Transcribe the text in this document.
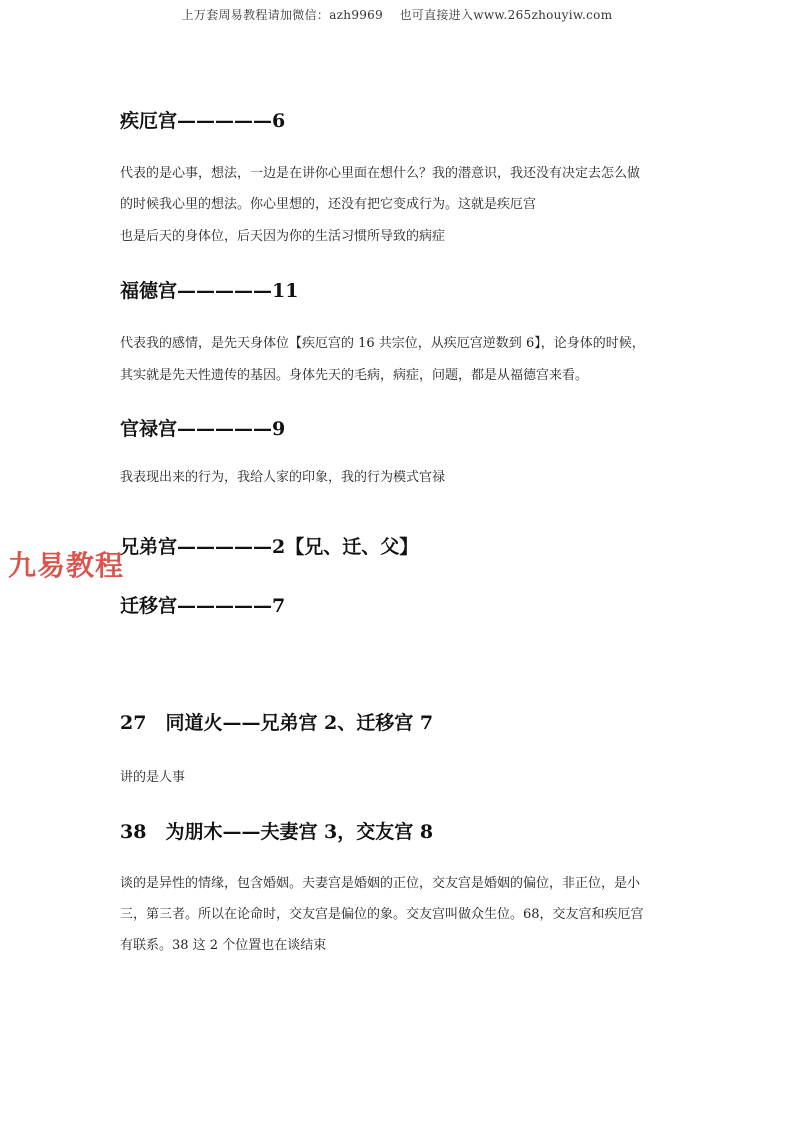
上万套周易教程请加微信：azh9969　 也可直接进入www.265zhouyiw.com
疾厄宫—————6
代表的是心事，想法，一边是在讲你心里面在想什么？我的潜意识，我还没有决定去怎么做
的时候我心里的想法。你心里想的，还没有把它变成行为。这就是疾厄宫
也是后天的身体位，后天因为你的生活习惯所导致的病症
福德宫—————11
代表我的感情，是先天身体位【疾厄宫的 16 共宗位，从疾厄宫逆数到 6】，论身体的时候，
其实就是先天性遗传的基因。身体先天的毛病，病症，问题，都是从福德宫来看。
官禄宫—————9
我表现出来的行为，我给人家的印象，我的行为模式官禄
兄弟宫—————2【兄、迁、父】
九易教程
迁移宫—————7
27　同道火——兄弟宫 2、迁移宫 7
讲的是人事
38　为朋木——夫妻宫 3，交友宫 8
谈的是异性的情缘，包含婚姻。夫妻宫是婚姻的正位，交友宫是婚姻的偏位，非正位，是小
三，第三者。所以在论命时，交友宫是偏位的象。交友宫叫做众生位。68，交友宫和疾厄宫
有联系。38 这 2 个位置也在谈结束
